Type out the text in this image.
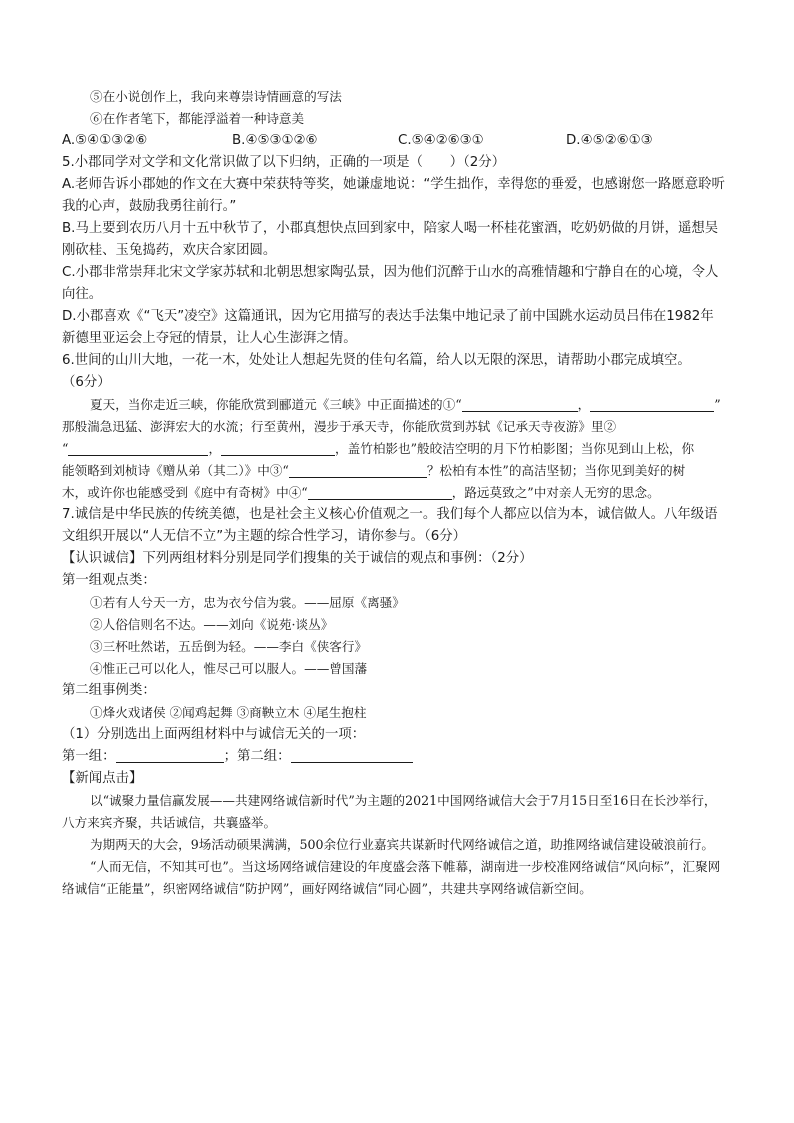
⑤在小说创作上，我向来尊崇诗情画意的写法
⑥在作者笔下，都能浮溢着一种诗意美
A.⑤④①③②⑥	B.④⑤③①②⑥	C.⑤④②⑥③①	D.④⑤②⑥①③
5.小郡同学对文学和文化常识做了以下归纳，正确的一项是（　　）（2分）
A.老师告诉小郡她的作文在大赛中荣获特等奖，她谦虚地说：“学生拙作，幸得您的垂爱，也感谢您一路愿意聆听我的心声，鼓励我勇往前行。”
B.马上要到农历八月十五中秋节了，小郡真想快点回到家中，陪家人喝一杯桂花蜜酒，吃奶奶做的月饼，遥想吴刚砍桂、玉兔捣药，欢庆合家团圆。
C.小郡非常崇拜北宋文学家苏轼和北朝思想家陶弘景，因为他们沉醉于山水的高雅情趣和宁静自在的心境，令人向往。
D.小郡喜欢《“飞天”凌空》这篇通讯，因为它用描写的表达手法集中地记录了前中国跳水运动员吕伟在1982年新德里亚运会上夺冠的情景，让人心生澎湃之情。
6.世间的山川大地，一花一木，处处让人想起先贤的佳句名篇，给人以无限的深思，请帮助小郡完成填空。
（6分）
夏天，当你走近三峡，你能欣赏到郦道元《三峡》中正面描述的①“	，	”
那般湍急迅猛、澎湃宏大的水流；行至黄州，漫步于承天寺，你能欣赏到苏轼《记承天寺夜游》里②
“	，	，盖竹柏影也”般皎洁空明的月下竹柏影图；当你见到山上松，你
能领略到刘桢诗《赠从弟（其二）》中③“	？松柏有本性”的高洁坚韧；当你见到美好的树
木，或许你也能感受到《庭中有奇树》中④“	，路远莫致之”中对亲人无穷的思念。
7.诚信是中华民族的传统美德，也是社会主义核心价值观之一。我们每个人都应以信为本，诚信做人。八年级语文组织开展以“人无信不立”为主题的综合性学习，请你参与。（6分）
【认识诚信】下列两组材料分别是同学们搜集的关于诚信的观点和事例：（2分）
第一组观点类：
①若有人兮天一方，忠为衣兮信为裳。——屈原《离骚》
②人俗信则名不达。——刘向《说苑·谈丛》
③三杯吐然诺，五岳倒为轻。——李白《侠客行》
④惟正己可以化人，惟尽己可以服人。——曾国藩
第二组事例类：
①烽火戏诸侯 ②闻鸡起舞 ③商鞅立木 ④尾生抱柱
（1）分别选出上面两组材料中与诚信无关的一项：
第一组：	；第二组：
【新闻点击】
以“诚聚力量信赢发展——共建网络诚信新时代”为主题的2021中国网络诚信大会于7月15日至16日在长沙举行，八方来宾齐聚，共话诚信，共襄盛举。
为期两天的大会，9场活动硕果满满，500余位行业嘉宾共谋新时代网络诚信之道，助推网络诚信建设破浪前行。
“人而无信，不知其可也”。当这场网络诚信建设的年度盛会落下帷幕，湖南进一步校准网络诚信“风向标”，汇聚网络诚信“正能量”，织密网络诚信“防护网”，画好网络诚信“同心圆”，共建共享网络诚信新空间。
